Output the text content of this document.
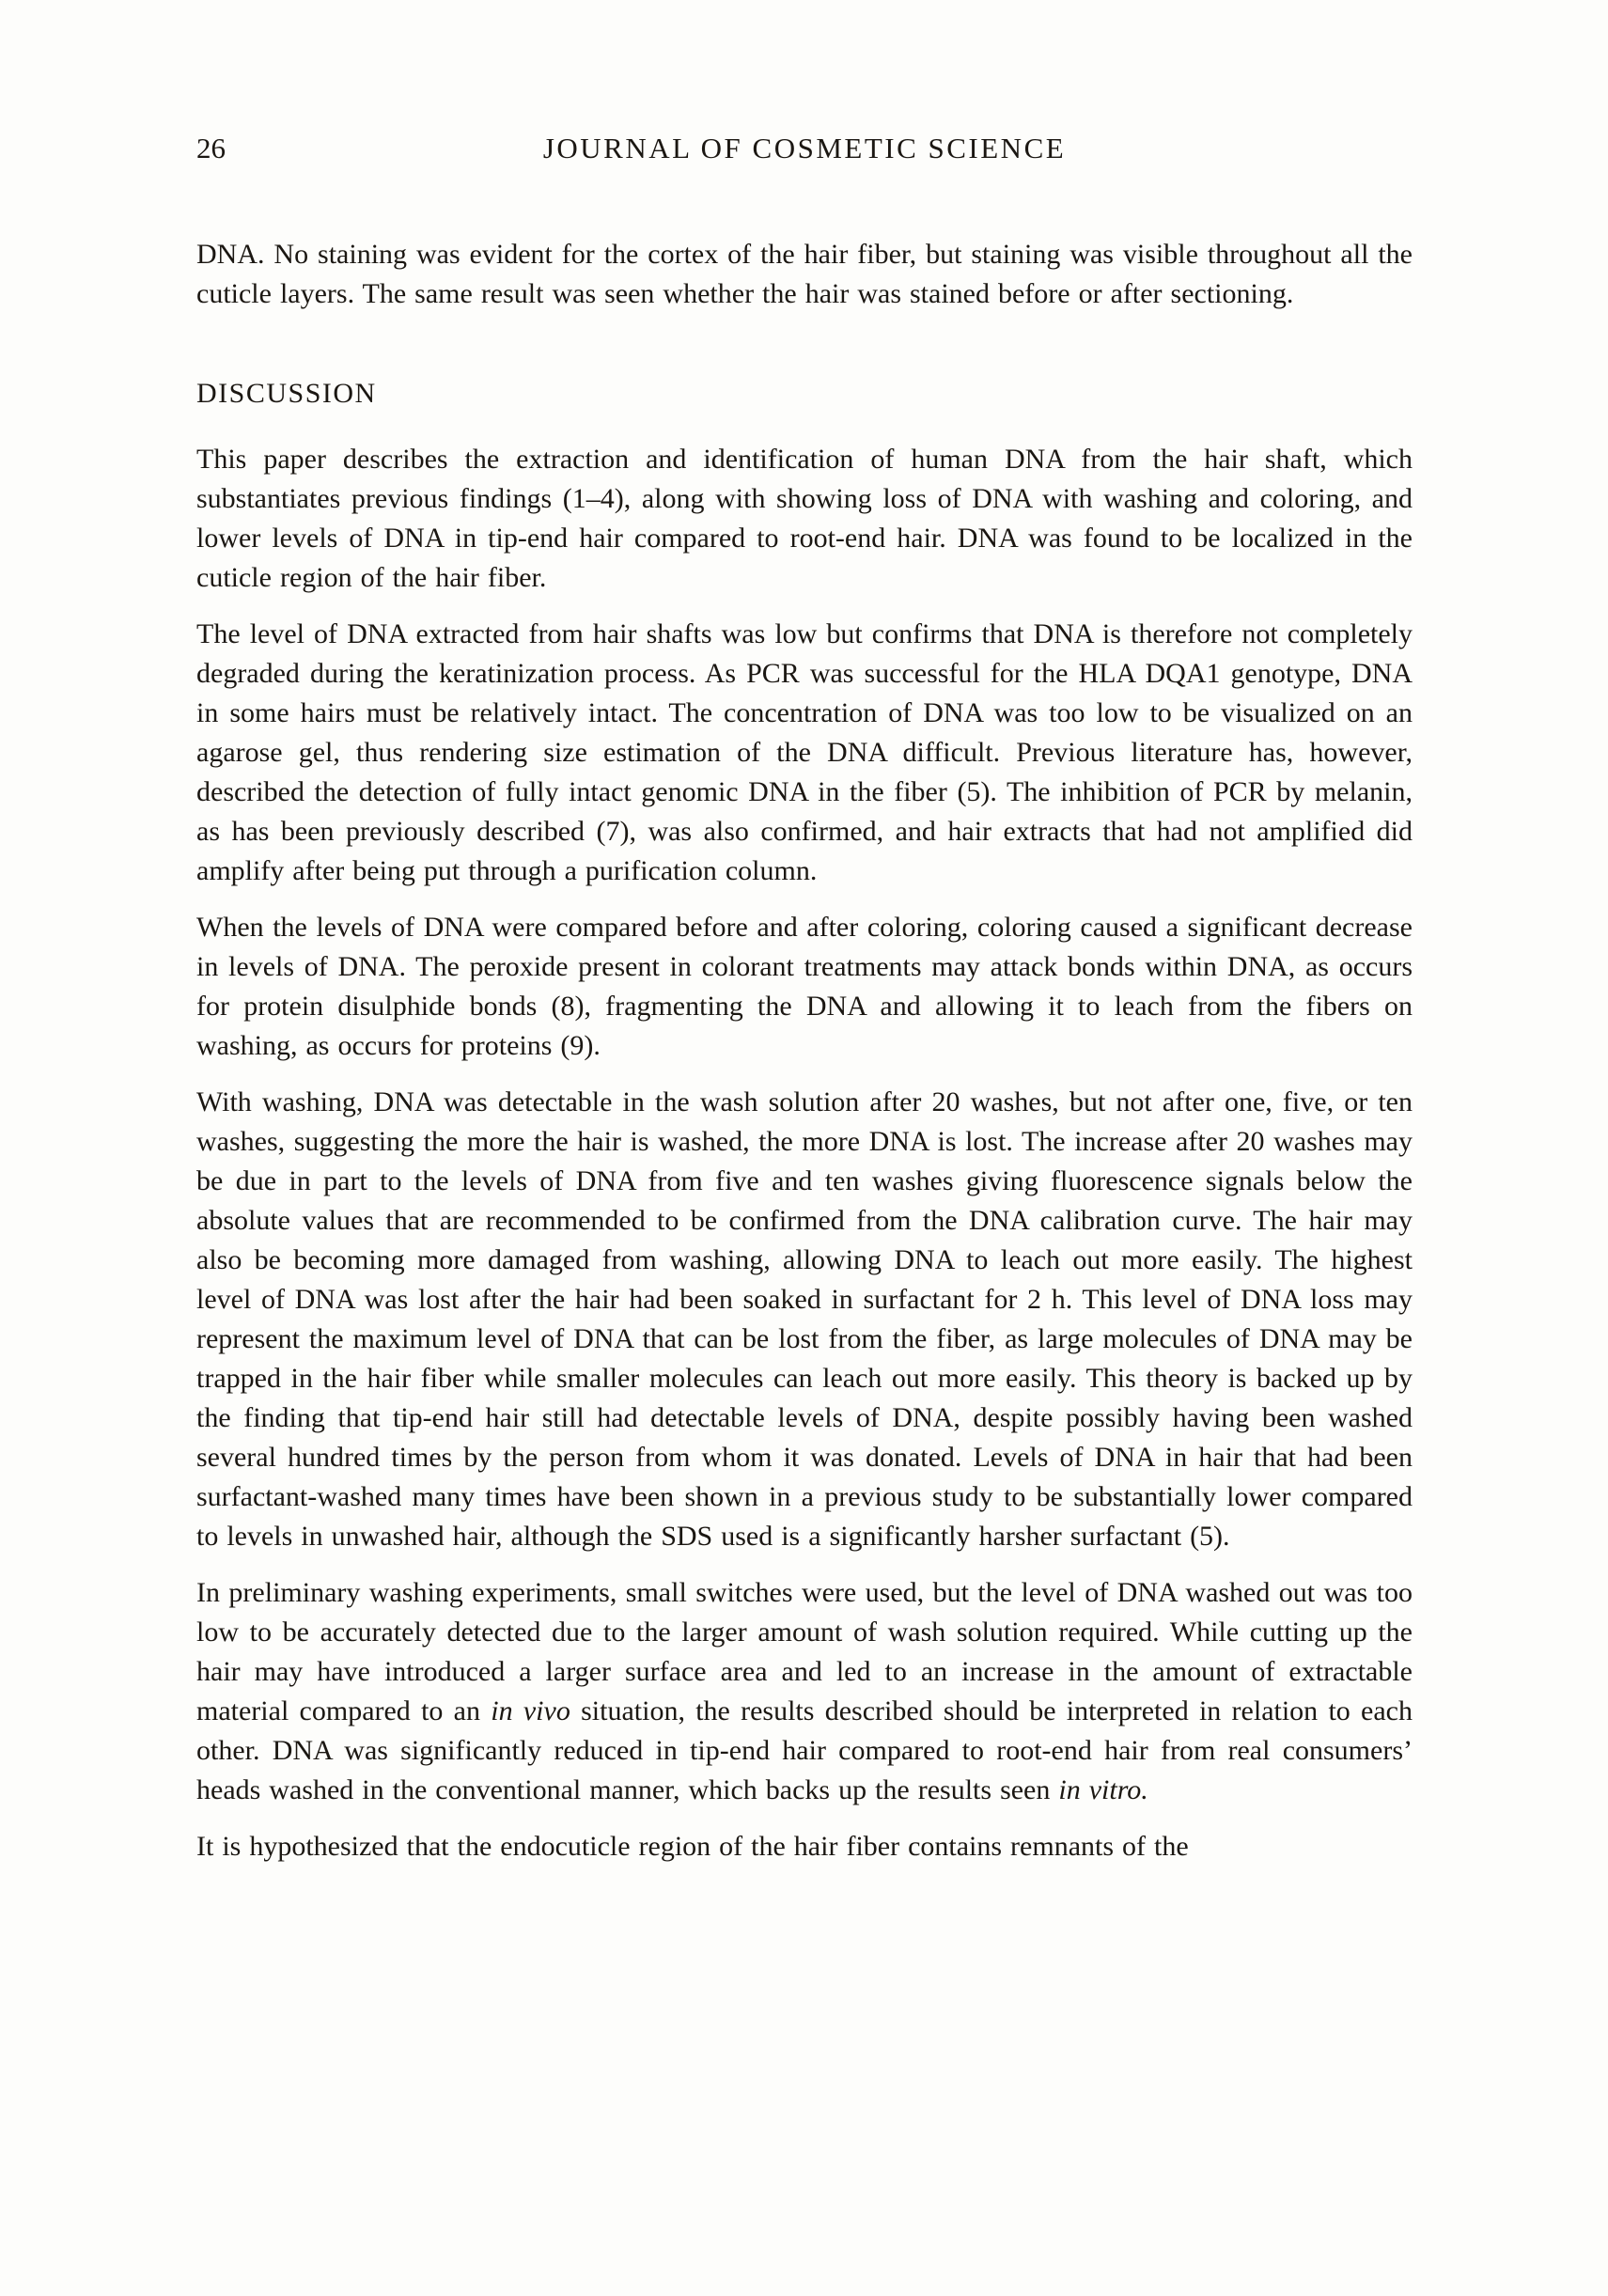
26	JOURNAL OF COSMETIC SCIENCE

DNA. No staining was evident for the cortex of the hair fiber, but staining was visible throughout all the cuticle layers. The same result was seen whether the hair was stained before or after sectioning.

DISCUSSION

This paper describes the extraction and identification of human DNA from the hair shaft, which substantiates previous findings (1–4), along with showing loss of DNA with washing and coloring, and lower levels of DNA in tip-end hair compared to root-end hair. DNA was found to be localized in the cuticle region of the hair fiber.

The level of DNA extracted from hair shafts was low but confirms that DNA is therefore not completely degraded during the keratinization process. As PCR was successful for the HLA DQA1 genotype, DNA in some hairs must be relatively intact. The concentration of DNA was too low to be visualized on an agarose gel, thus rendering size estimation of the DNA difficult. Previous literature has, however, described the detection of fully intact genomic DNA in the fiber (5). The inhibition of PCR by melanin, as has been previously described (7), was also confirmed, and hair extracts that had not amplified did amplify after being put through a purification column.

When the levels of DNA were compared before and after coloring, coloring caused a significant decrease in levels of DNA. The peroxide present in colorant treatments may attack bonds within DNA, as occurs for protein disulphide bonds (8), fragmenting the DNA and allowing it to leach from the fibers on washing, as occurs for proteins (9).

With washing, DNA was detectable in the wash solution after 20 washes, but not after one, five, or ten washes, suggesting the more the hair is washed, the more DNA is lost. The increase after 20 washes may be due in part to the levels of DNA from five and ten washes giving fluorescence signals below the absolute values that are recommended to be confirmed from the DNA calibration curve. The hair may also be becoming more damaged from washing, allowing DNA to leach out more easily. The highest level of DNA was lost after the hair had been soaked in surfactant for 2 h. This level of DNA loss may represent the maximum level of DNA that can be lost from the fiber, as large molecules of DNA may be trapped in the hair fiber while smaller molecules can leach out more easily. This theory is backed up by the finding that tip-end hair still had detectable levels of DNA, despite possibly having been washed several hundred times by the person from whom it was donated. Levels of DNA in hair that had been surfactant-washed many times have been shown in a previous study to be substantially lower compared to levels in unwashed hair, although the SDS used is a significantly harsher surfactant (5).

In preliminary washing experiments, small switches were used, but the level of DNA washed out was too low to be accurately detected due to the larger amount of wash solution required. While cutting up the hair may have introduced a larger surface area and led to an increase in the amount of extractable material compared to an in vivo situation, the results described should be interpreted in relation to each other. DNA was significantly reduced in tip-end hair compared to root-end hair from real consumers’ heads washed in the conventional manner, which backs up the results seen in vitro.

It is hypothesized that the endocuticle region of the hair fiber contains remnants of the
